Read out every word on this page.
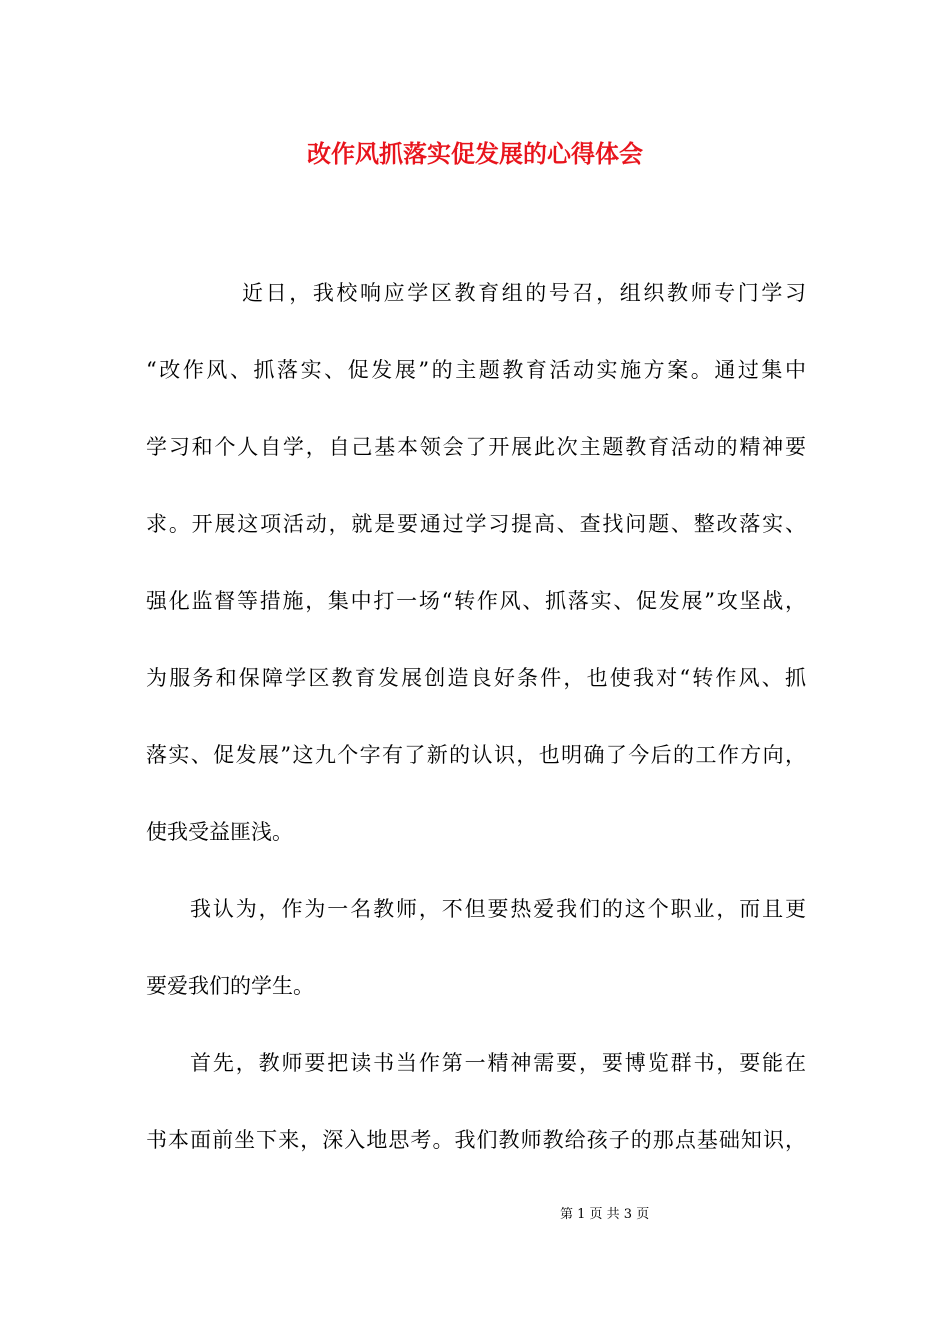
改作风抓落实促发展的心得体会
近日，我校响应学区教育组的号召，组织教师专门学习
“改作风、抓落实、促发展”的主题教育活动实施方案。通过集中
学习和个人自学，自己基本领会了开展此次主题教育活动的精神要
求。开展这项活动，就是要通过学习提高、查找问题、整改落实、
强化监督等措施，集中打一场“转作风、抓落实、促发展”攻坚战，
为服务和保障学区教育发展创造良好条件，也使我对“转作风、抓
落实、促发展”这九个字有了新的认识，也明确了今后的工作方向，
使我受益匪浅。
我认为，作为一名教师，不但要热爱我们的这个职业，而且更
要爱我们的学生。
首先，教师要把读书当作第一精神需要，要博览群书，要能在
书本面前坐下来，深入地思考。我们教师教给孩子的那点基础知识，
第 1 页 共 3 页
